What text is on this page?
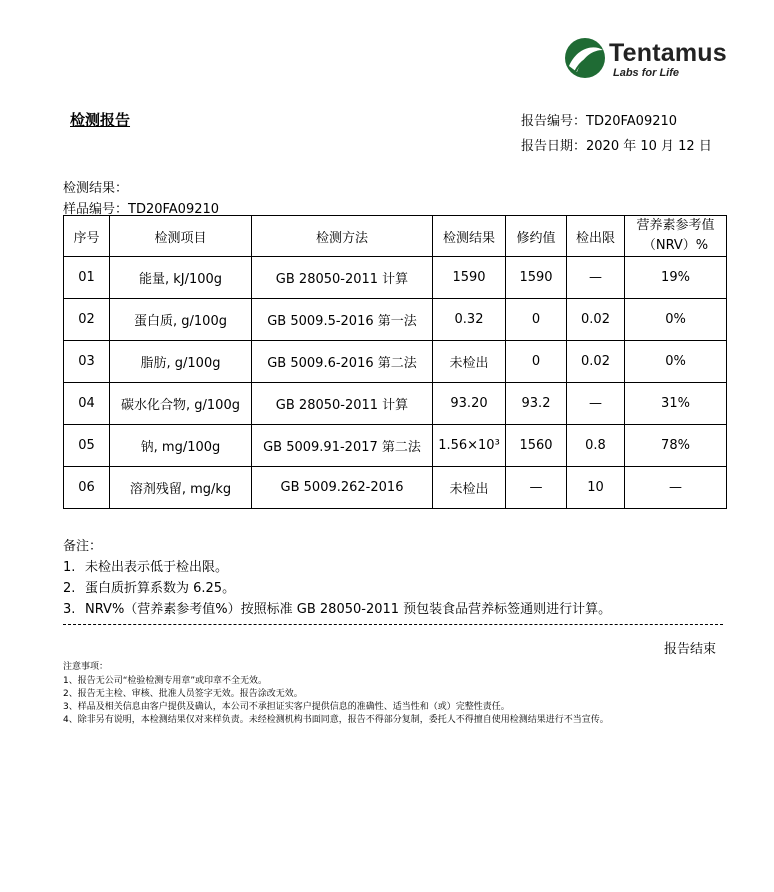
Tentamus
Labs for Life
检测报告	报告编号：TD20FA09210
报告日期：2020 年 10 月 12 日
检测结果：
样品编号：TD20FA09210
序号	检测项目	检测方法	检测结果	修约值	检出限	营养素参考值
（NRV）%

01	能量, kJ/100g	GB 28050-2011 计算	1590	1590	—	19%
02	蛋白质, g/100g	GB 5009.5-2016 第一法	0.32	0	0.02	0%
03	脂肪, g/100g	GB 5009.6-2016 第二法	未检出	0	0.02	0%
04	碳水化合物, g/100g	GB 28050-2011 计算	93.20	93.2	—	31%
05	钠, mg/100g	GB 5009.91-2017 第二法	1.56×10³	1560	0.8	78%
06	溶剂残留, mg/kg	GB 5009.262-2016	未检出	—	10	—
备注：
1. 未检出表示低于检出限。
2. 蛋白质折算系数为 6.25。
3. NRV%（营养素参考值%）按照标准 GB 28050-2011 预包装食品营养标签通则进行计算。
报告结束
注意事项：
1、报告无公司“检验检测专用章”或印章不全无效。
2、报告无主检、审核、批准人员签字无效。报告涂改无效。
3、样品及相关信息由客户提供及确认，本公司不承担证实客户提供信息的准确性、适当性和（或）完整性责任。
4、除非另有说明，本检测结果仅对来样负责。未经检测机构书面同意，报告不得部分复制，委托人不得擅自使用检测结果进行不当宣传。
